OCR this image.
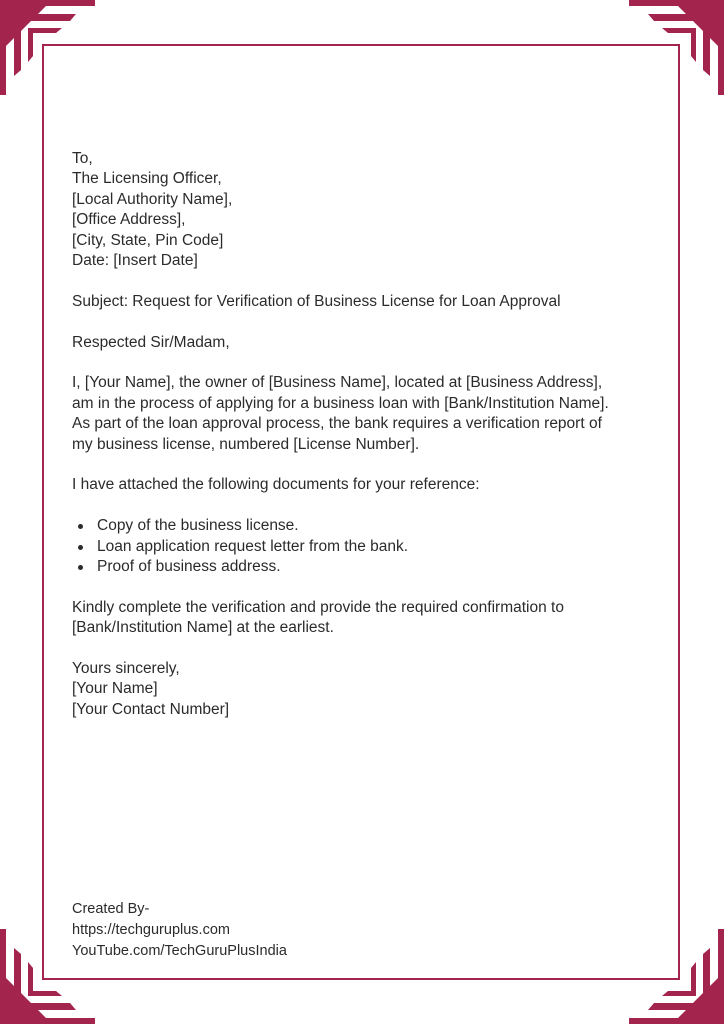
To,
The Licensing Officer,
[Local Authority Name],
[Office Address],
[City, State, Pin Code]
Date: [Insert Date]

Subject: Request for Verification of Business License for Loan Approval

Respected Sir/Madam,

I, [Your Name], the owner of [Business Name], located at [Business Address],
am in the process of applying for a business loan with [Bank/Institution Name].
As part of the loan approval process, the bank requires a verification report of
my business license, numbered [License Number].

I have attached the following documents for your reference:

Copy of the business license.
Loan application request letter from the bank.
Proof of business address.

Kindly complete the verification and provide the required confirmation to
[Bank/Institution Name] at the earliest.

Yours sincerely,
[Your Name]
[Your Contact Number]

Created By-
https://techguruplus.com
YouTube.com/TechGuruPlusIndia
